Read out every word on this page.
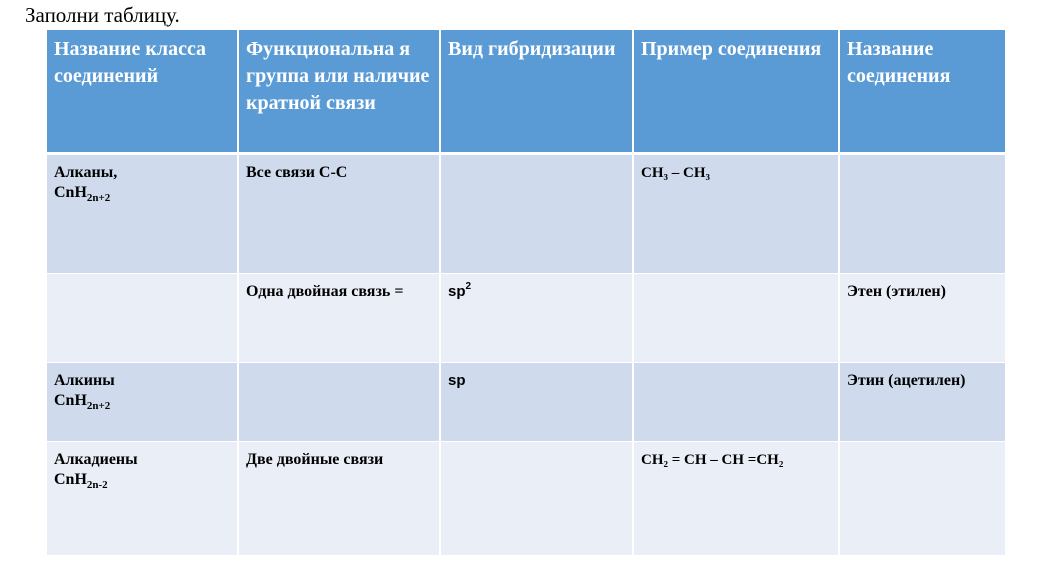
Заполни таблицу.
Название класса соединений	Функциональна я группа или наличие кратной связи	Вид гибридизации	Пример соединения	Название соединения

Алканы,
CnH$_{2n+2}$	Все связи С-С		CH₃ – CH₃	

	Одна двойная связь =	$sp^2$		Этен (этилен)

Алкины
CnH$_{2n+2}$		sp		Этин (ацетилен)

Алкадиены
CnH$_{2n-2}$	Две двойные связи		CH₂ = CH – CH =CH₂	
